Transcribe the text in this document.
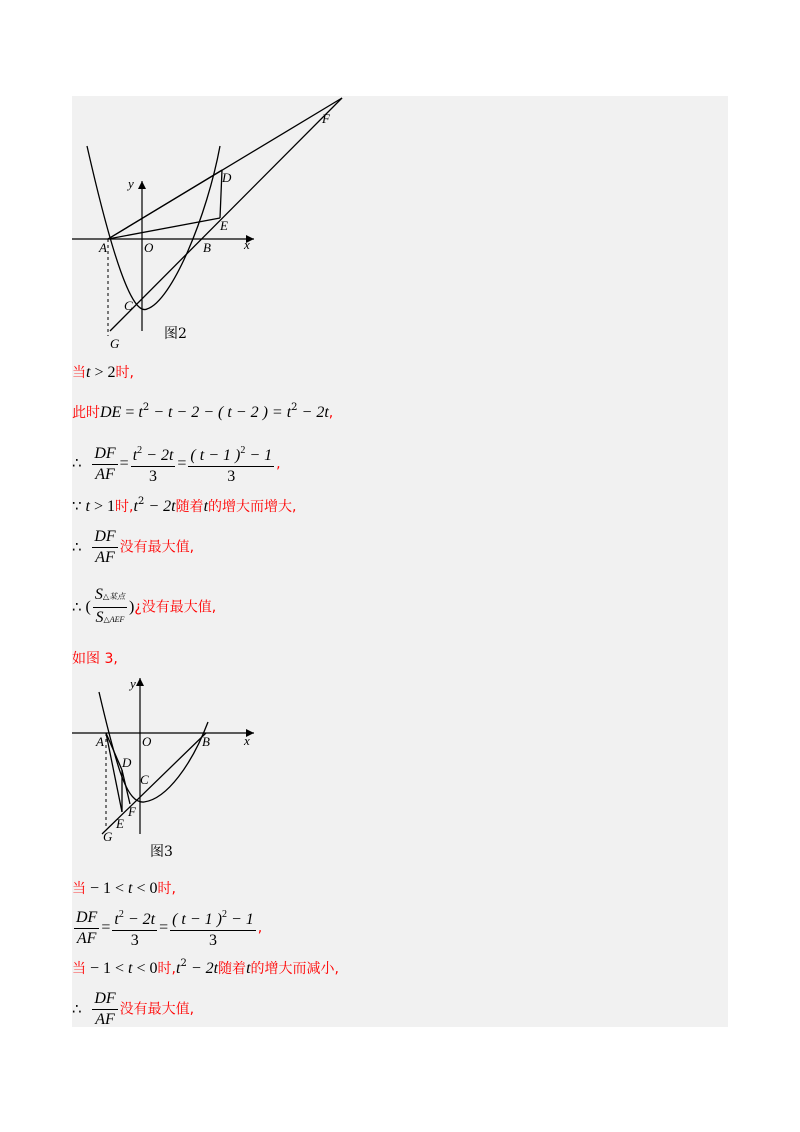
y
x
A	O	B
C
D
E
F
G
图2
当t > 2时,
此时DE = $t^2 - t - 2$ − ( t − 2 ) = $t^2 - 2t$,
∴ $\frac{DF}{AF} = \frac{t^2 - 2t}{3} = \frac{( t - 1 )^2 - 1}{3}$ ,
∵ t > 1时$,t^2 - 2t$随着t的增大而增大,
∴ $\frac{DF}{AF}$ 没有最大值,
∴ ( $\frac{\text{S△某点}}{\text{S△AEF}}$ )¿没有最大值,
如图 3,
y
x
A	O	B
C
D
E
F
G
图3
当 − 1 < t < 0时,
$\frac{DF}{AF} = \frac{t^2 - 2t}{3} = \frac{( t - 1 )^2 - 1}{3}$ ,
当 − 1 < t < 0时$,t^2 - 2t$随着t的增大而减小,
∴ $\frac{DF}{AF}$ 没有最大值,
